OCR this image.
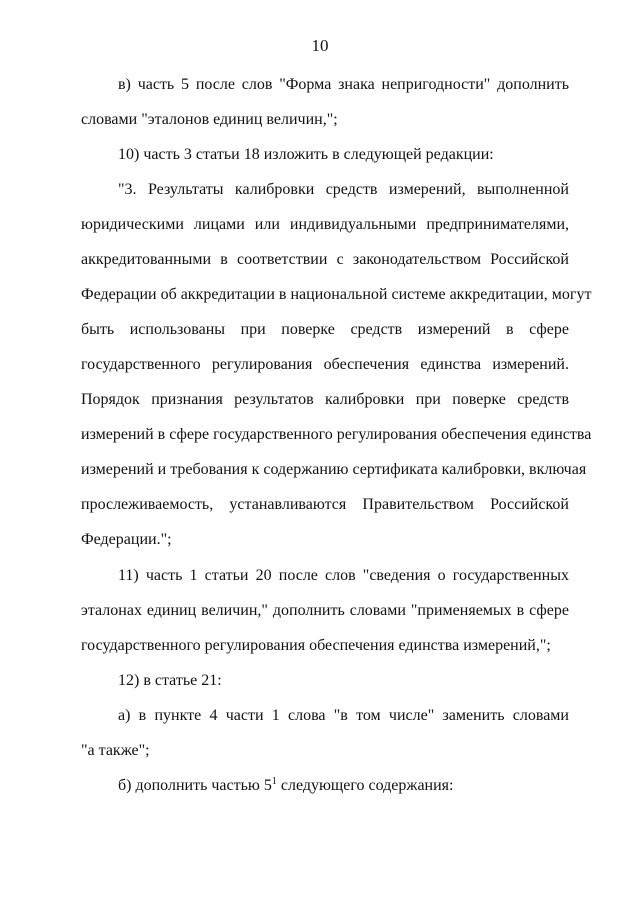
10
в) часть 5 после слов "Форма знака непригодности" дополнить
словами "эталонов единиц величин,";
10) часть 3 статьи 18 изложить в следующей редакции:
"3. Результаты калибровки средств измерений, выполненной
юридическими лицами или индивидуальными предпринимателями,
аккредитованными в соответствии с законодательством Российской
Федерации об аккредитации в национальной системе аккредитации, могут
быть использованы при поверке средств измерений в сфере
государственного регулирования обеспечения единства измерений.
Порядок признания результатов калибровки при поверке средств
измерений в сфере государственного регулирования обеспечения единства
измерений и требования к содержанию сертификата калибровки, включая
прослеживаемость, устанавливаются Правительством Российской
Федерации.";
11) часть 1 статьи 20 после слов "сведения о государственных
эталонах единиц величин," дополнить словами "применяемых в сфере
государственного регулирования обеспечения единства измерений,";
12) в статье 21:
а) в пункте 4 части 1 слова "в том числе" заменить словами
"а также";
б) дополнить частью $5^1$ следующего содержания:
